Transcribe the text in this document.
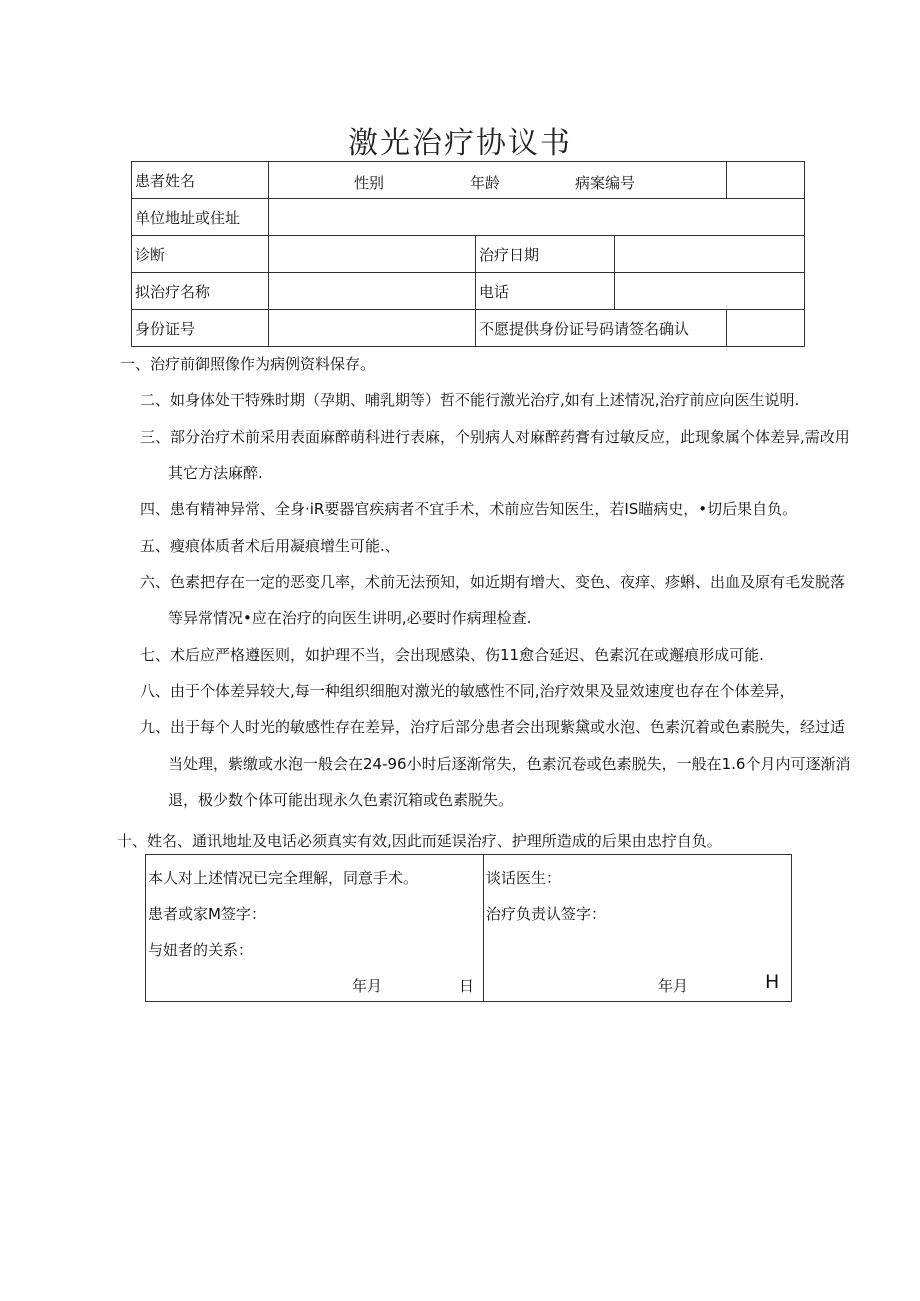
激光治疗协议书
患者姓名	性别 年龄 病案编号			

单位地址或住址				
诊断		治疗日期		
拟治疗名称		电话		
身份证号		不愿提供身份证号码请签名确认		
一、治疗前御照像作为病例资料保存。
二、如身体处干特殊时期（孕期、哺乳期等）哲不能行激光治疗,如有上述情况,治疗前应向医生说明.
三、部分治疗术前采用表面麻醉萌科进行表麻，个别病人对麻醉药膏有过敏反应，此现象属个体差异,需改用
其它方法麻醉.
四、患有精神异常、全身·iR要器官疾病者不宜手术，术前应告知医生，若IS瞄病史，•切后果自负。
五、瘦痕体质者术后用凝痕增生可能.、
六、色素把存在一定的恶变几率，术前无法预知，如近期有增大、变色、夜痒、疹蝌、出血及原有毛发脱落
等异常情况•应在治疗的向医生讲明,必要时作病理检查.
七、术后应严格遵医则，如护理不当，会出现感染、伤11愈合延迟、色素沉在或邂痕形成可能.
八、由于个体差异较大,每一种组织细胞对激光的敏感性不同,治疗效果及显效速度也存在个体差异，
九、出于每个人时光的敏感性存在差异，治疗后部分患者会出现紫黛或水泡、色素沉着或色素脱失，经过适
当处理，紫缴或水泡一般会在24-96小时后逐渐常失，色素沉卷或色素脱失，一般在1.6个月内可逐渐消
退，极少数个体可能出现永久色素沉箱或色素脱失。
十、姓名、通讯地址及电话必须真实有效,因此而延误治疗、护理所造成的后果由忠拧自负。
本人对上述情况已完全理解，同意手术。
患者或家M签字：
与妞者的关系：
年月	日

谈话医生：
治疗负责认签字：
年月	H
